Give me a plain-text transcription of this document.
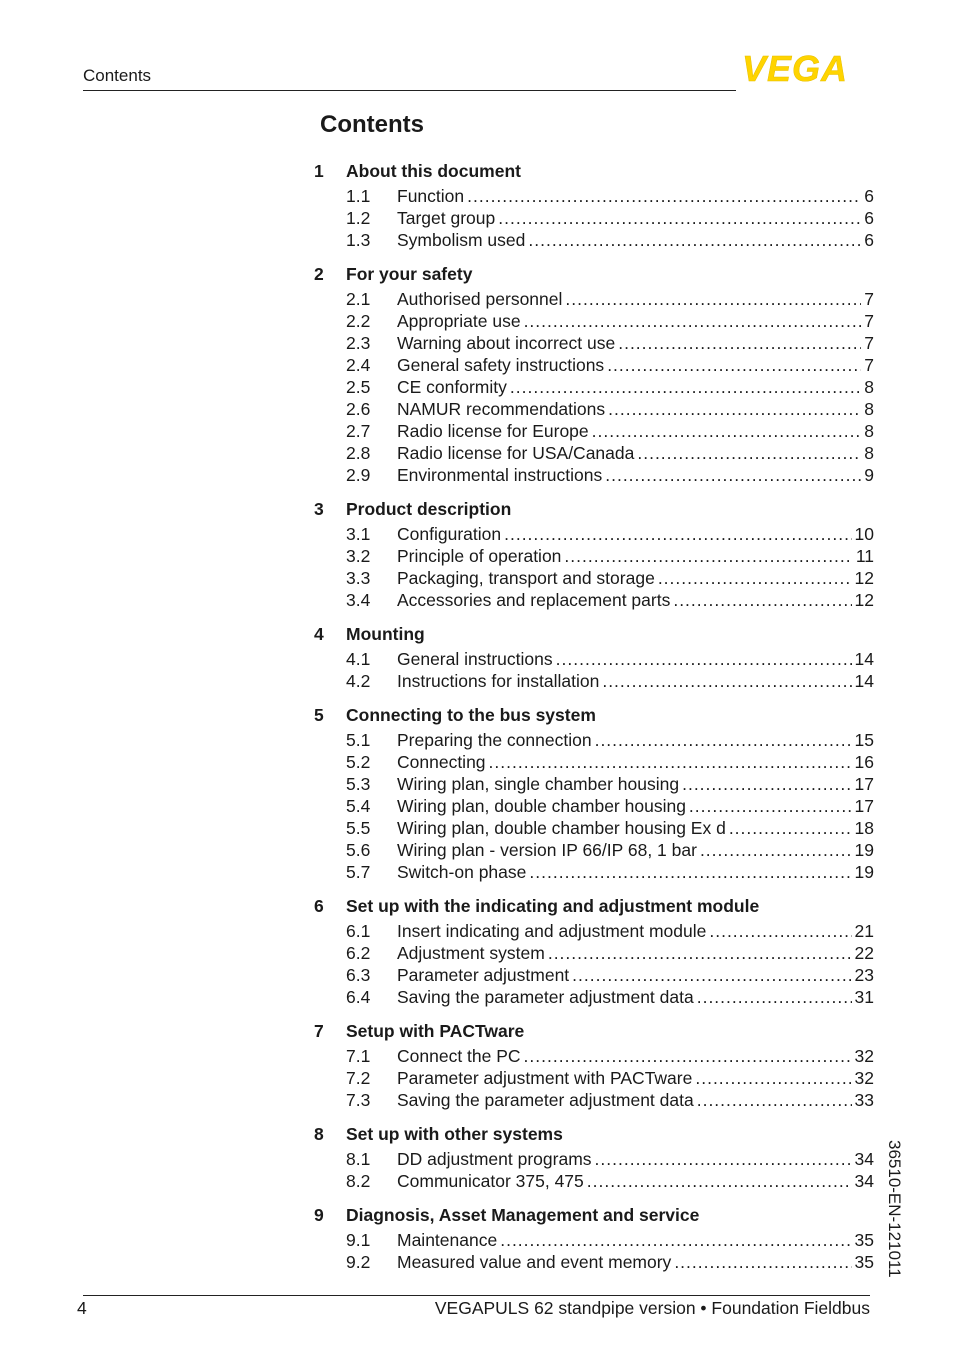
Contents	VEGA
Contents
1	About this document
1.1	Function .....	6
1.2	Target group .....	6
1.3	Symbolism used .....	6
2	For your safety
2.1	Authorised personnel .....	7
2.2	Appropriate use .....	7
2.3	Warning about incorrect use .....	7
2.4	General safety instructions .....	7
2.5	CE conformity .....	8
2.6	NAMUR recommendations .....	8
2.7	Radio license for Europe .....	8
2.8	Radio license for USA/Canada .....	8
2.9	Environmental instructions .....	9
3	Product description
3.1	Configuration .....	10
3.2	Principle of operation .....	11
3.3	Packaging, transport and storage .....	12
3.4	Accessories and replacement parts .....	12
4	Mounting
4.1	General instructions .....	14
4.2	Instructions for installation .....	14
5	Connecting to the bus system
5.1	Preparing the connection .....	15
5.2	Connecting .....	16
5.3	Wiring plan, single chamber housing .....	17
5.4	Wiring plan, double chamber housing .....	17
5.5	Wiring plan, double chamber housing Ex d .....	18
5.6	Wiring plan - version IP 66/IP 68, 1 bar .....	19
5.7	Switch-on phase .....	19
6	Set up with the indicating and adjustment module
6.1	Insert indicating and adjustment module .....	21
6.2	Adjustment system .....	22
6.3	Parameter adjustment .....	23
6.4	Saving the parameter adjustment data .....	31
7	Setup with PACTware
7.1	Connect the PC .....	32
7.2	Parameter adjustment with PACTware .....	32
7.3	Saving the parameter adjustment data .....	33
8	Set up with other systems
8.1	DD adjustment programs .....	34
8.2	Communicator 375, 475 .....	34
9	Diagnosis, Asset Management and service
9.1	Maintenance .....	35
9.2	Measured value and event memory .....	35 36510-EN-121011
4	VEGAPULS 62 standpipe version • Foundation Fieldbus
